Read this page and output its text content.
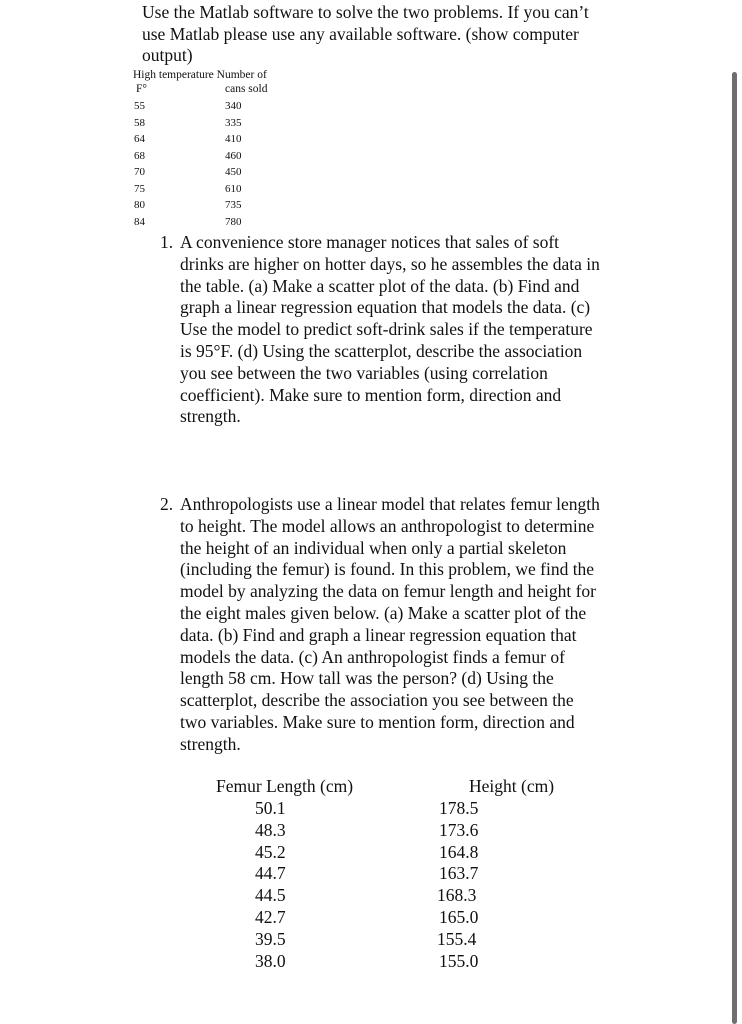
Use the Matlab software to solve the two problems. If you can’t

use Matlab please use any available software. (show computer

output)

High temperature Number of
F°	cans sold
55	340
58	335
64	410
68	460
70	450
75	610
80	735
84	780
1. A convenience store manager notices that sales of soft
drinks are higher on hotter days, so he assembles the data in
the table. (a) Make a scatter plot of the data. (b) Find and
graph a linear regression equation that models the data. (c)
Use the model to predict soft-drink sales if the temperature
is 95°F. (d) Using the scatterplot, describe the association
you see between the two variables (using correlation
coefficient). Make sure to mention form, direction and
strength.
2. Anthropologists use a linear model that relates femur length
to height. The model allows an anthropologist to determine
the height of an individual when only a partial skeleton
(including the femur) is found. In this problem, we find the
model by analyzing the data on femur length and height for
the eight males given below. (a) Make a scatter plot of the
data. (b) Find and graph a linear regression equation that
models the data. (c) An anthropologist finds a femur of
length 58 cm. How tall was the person? (d) Using the
scatterplot, describe the association you see between the
two variables. Make sure to mention form, direction and
strength.
Femur Length (cm)	Height (cm)
50.1	178.5
48.3	173.6
45.2	164.8
44.7	163.7
44.5	168.3
42.7	165.0
39.5	155.4
38.0	155.0
